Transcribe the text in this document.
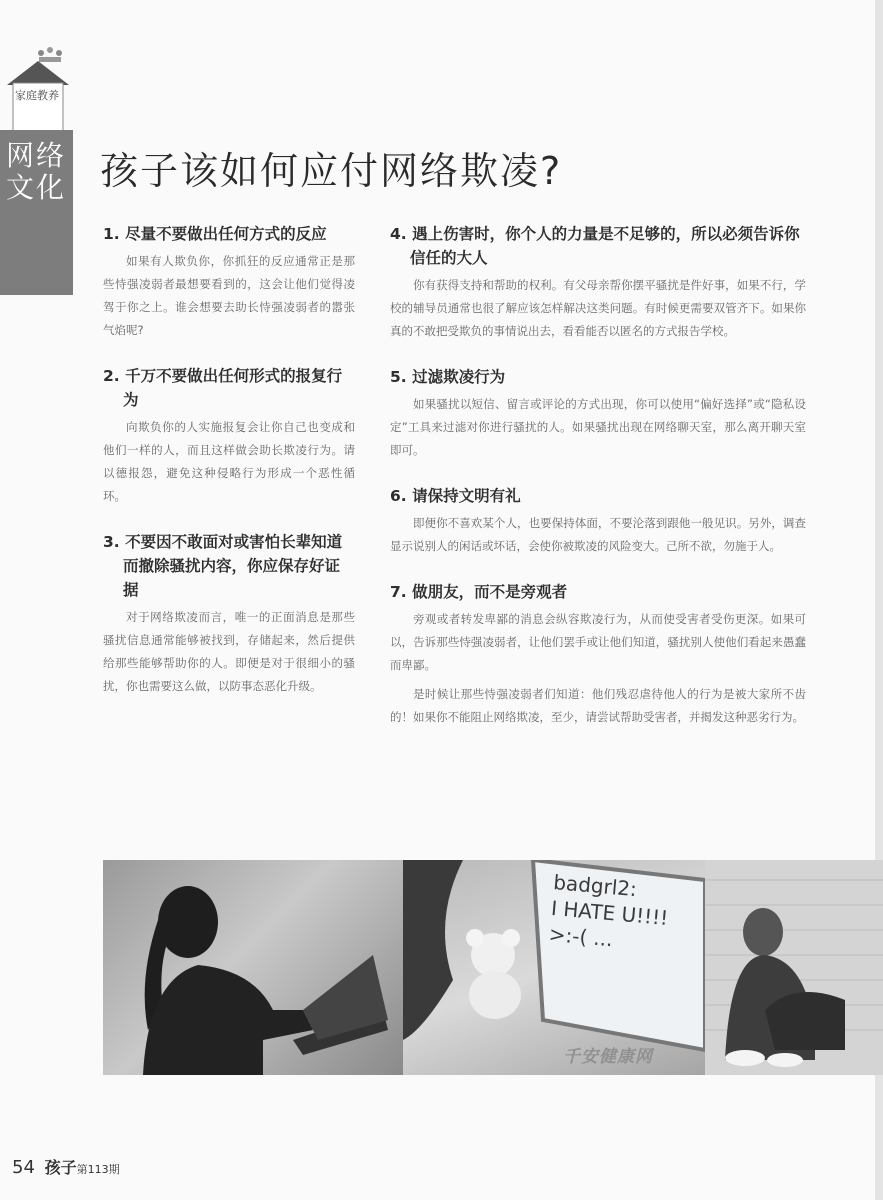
家庭教养
网络文化 孩子该如何应付网络欺凌?
1. 尽量不要做出任何方式的反应

如果有人欺负你，你抓狂的反应通常正是那些恃强凌弱者最想要看到的，这会让他们觉得凌驾于你之上。谁会想要去助长恃强凌弱者的嚣张气焰呢?

2. 千万不要做出任何形式的报复行为

向欺负你的人实施报复会让你自己也变成和他们一样的人，而且这样做会助长欺凌行为。请以德报怨，避免这种侵略行为形成一个恶性循环。

3. 不要因不敢面对或害怕长辈知道而撤除骚扰内容，你应保存好证据

对于网络欺凌而言，唯一的正面消息是那些骚扰信息通常能够被找到，存储起来，然后提供给那些能够帮助你的人。即便是对于很细小的骚扰，你也需要这么做，以防事态恶化升级。

4. 遇上伤害时，你个人的力量是不足够的，所以必须告诉你信任的大人

你有获得支持和帮助的权利。有父母亲帮你摆平骚扰是件好事，如果不行，学校的辅导员通常也很了解应该怎样解决这类问题。有时候更需要双管齐下。如果你真的不敢把受欺负的事情说出去，看看能否以匿名的方式报告学校。

5. 过滤欺凌行为

如果骚扰以短信、留言或评论的方式出现，你可以使用“偏好选择”或“隐私设定”工具来过滤对你进行骚扰的人。如果骚扰出现在网络聊天室，那么离开聊天室即可。

6. 请保持文明有礼

即便你不喜欢某个人，也要保持体面，不要沦落到跟他一般见识。另外，调查显示说别人的闲话或坏话，会使你被欺凌的风险变大。己所不欲，勿施于人。

7. 做朋友，而不是旁观者

旁观或者转发卑鄙的消息会纵容欺凌行为，从而使受害者受伤更深。如果可以，告诉那些恃强凌弱者，让他们罢手或让他们知道，骚扰别人使他们看起来愚蠢而卑鄙。

是时候让那些恃强凌弱者们知道：他们残忍虐待他人的行为是被大家所不齿的！如果你不能阻止网络欺凌，至少，请尝试帮助受害者，并揭发这种恶劣行为。

badgrl2:
I HATE U!!!!
>:-( ...
千安健康网
54 孩子第113期
